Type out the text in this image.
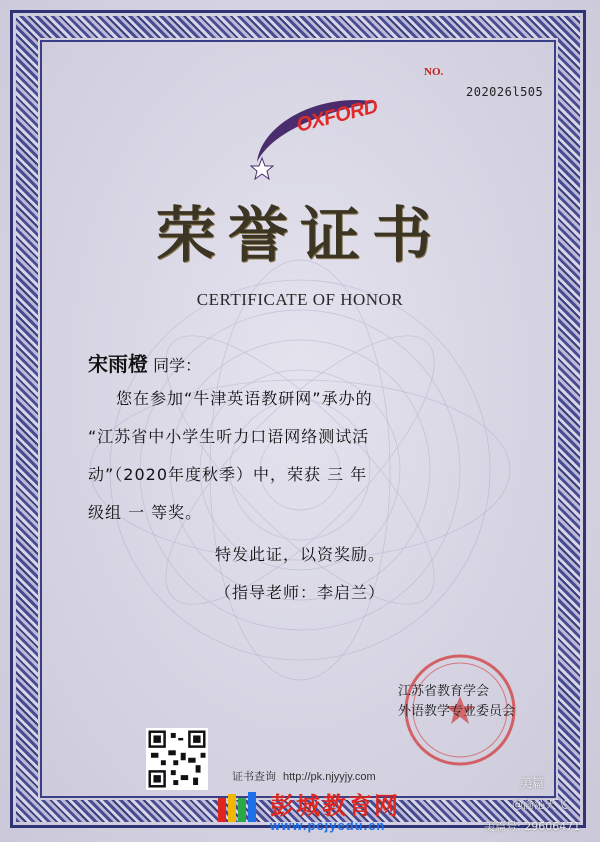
NO.
202026l505
OXFORD
荣誉证书
CERTIFICATE OF HONOR
宋雨橙 同学：
您在参加“牛津英语教研网”承办的
“江苏省中小学生听力口语网络测试活
动”（2020年度秋季）中，荣获 三 年
级组 一 等奖。
特发此证，以资奖励。
（指导老师：李启兰）
江苏省教育学会
外语教学专业委员会
证书查询 http://pk.njyyjy.com
彭城教育网
www.pcjyedu.cn
美篇
@渝沁天飞
美篇号: 29606471
